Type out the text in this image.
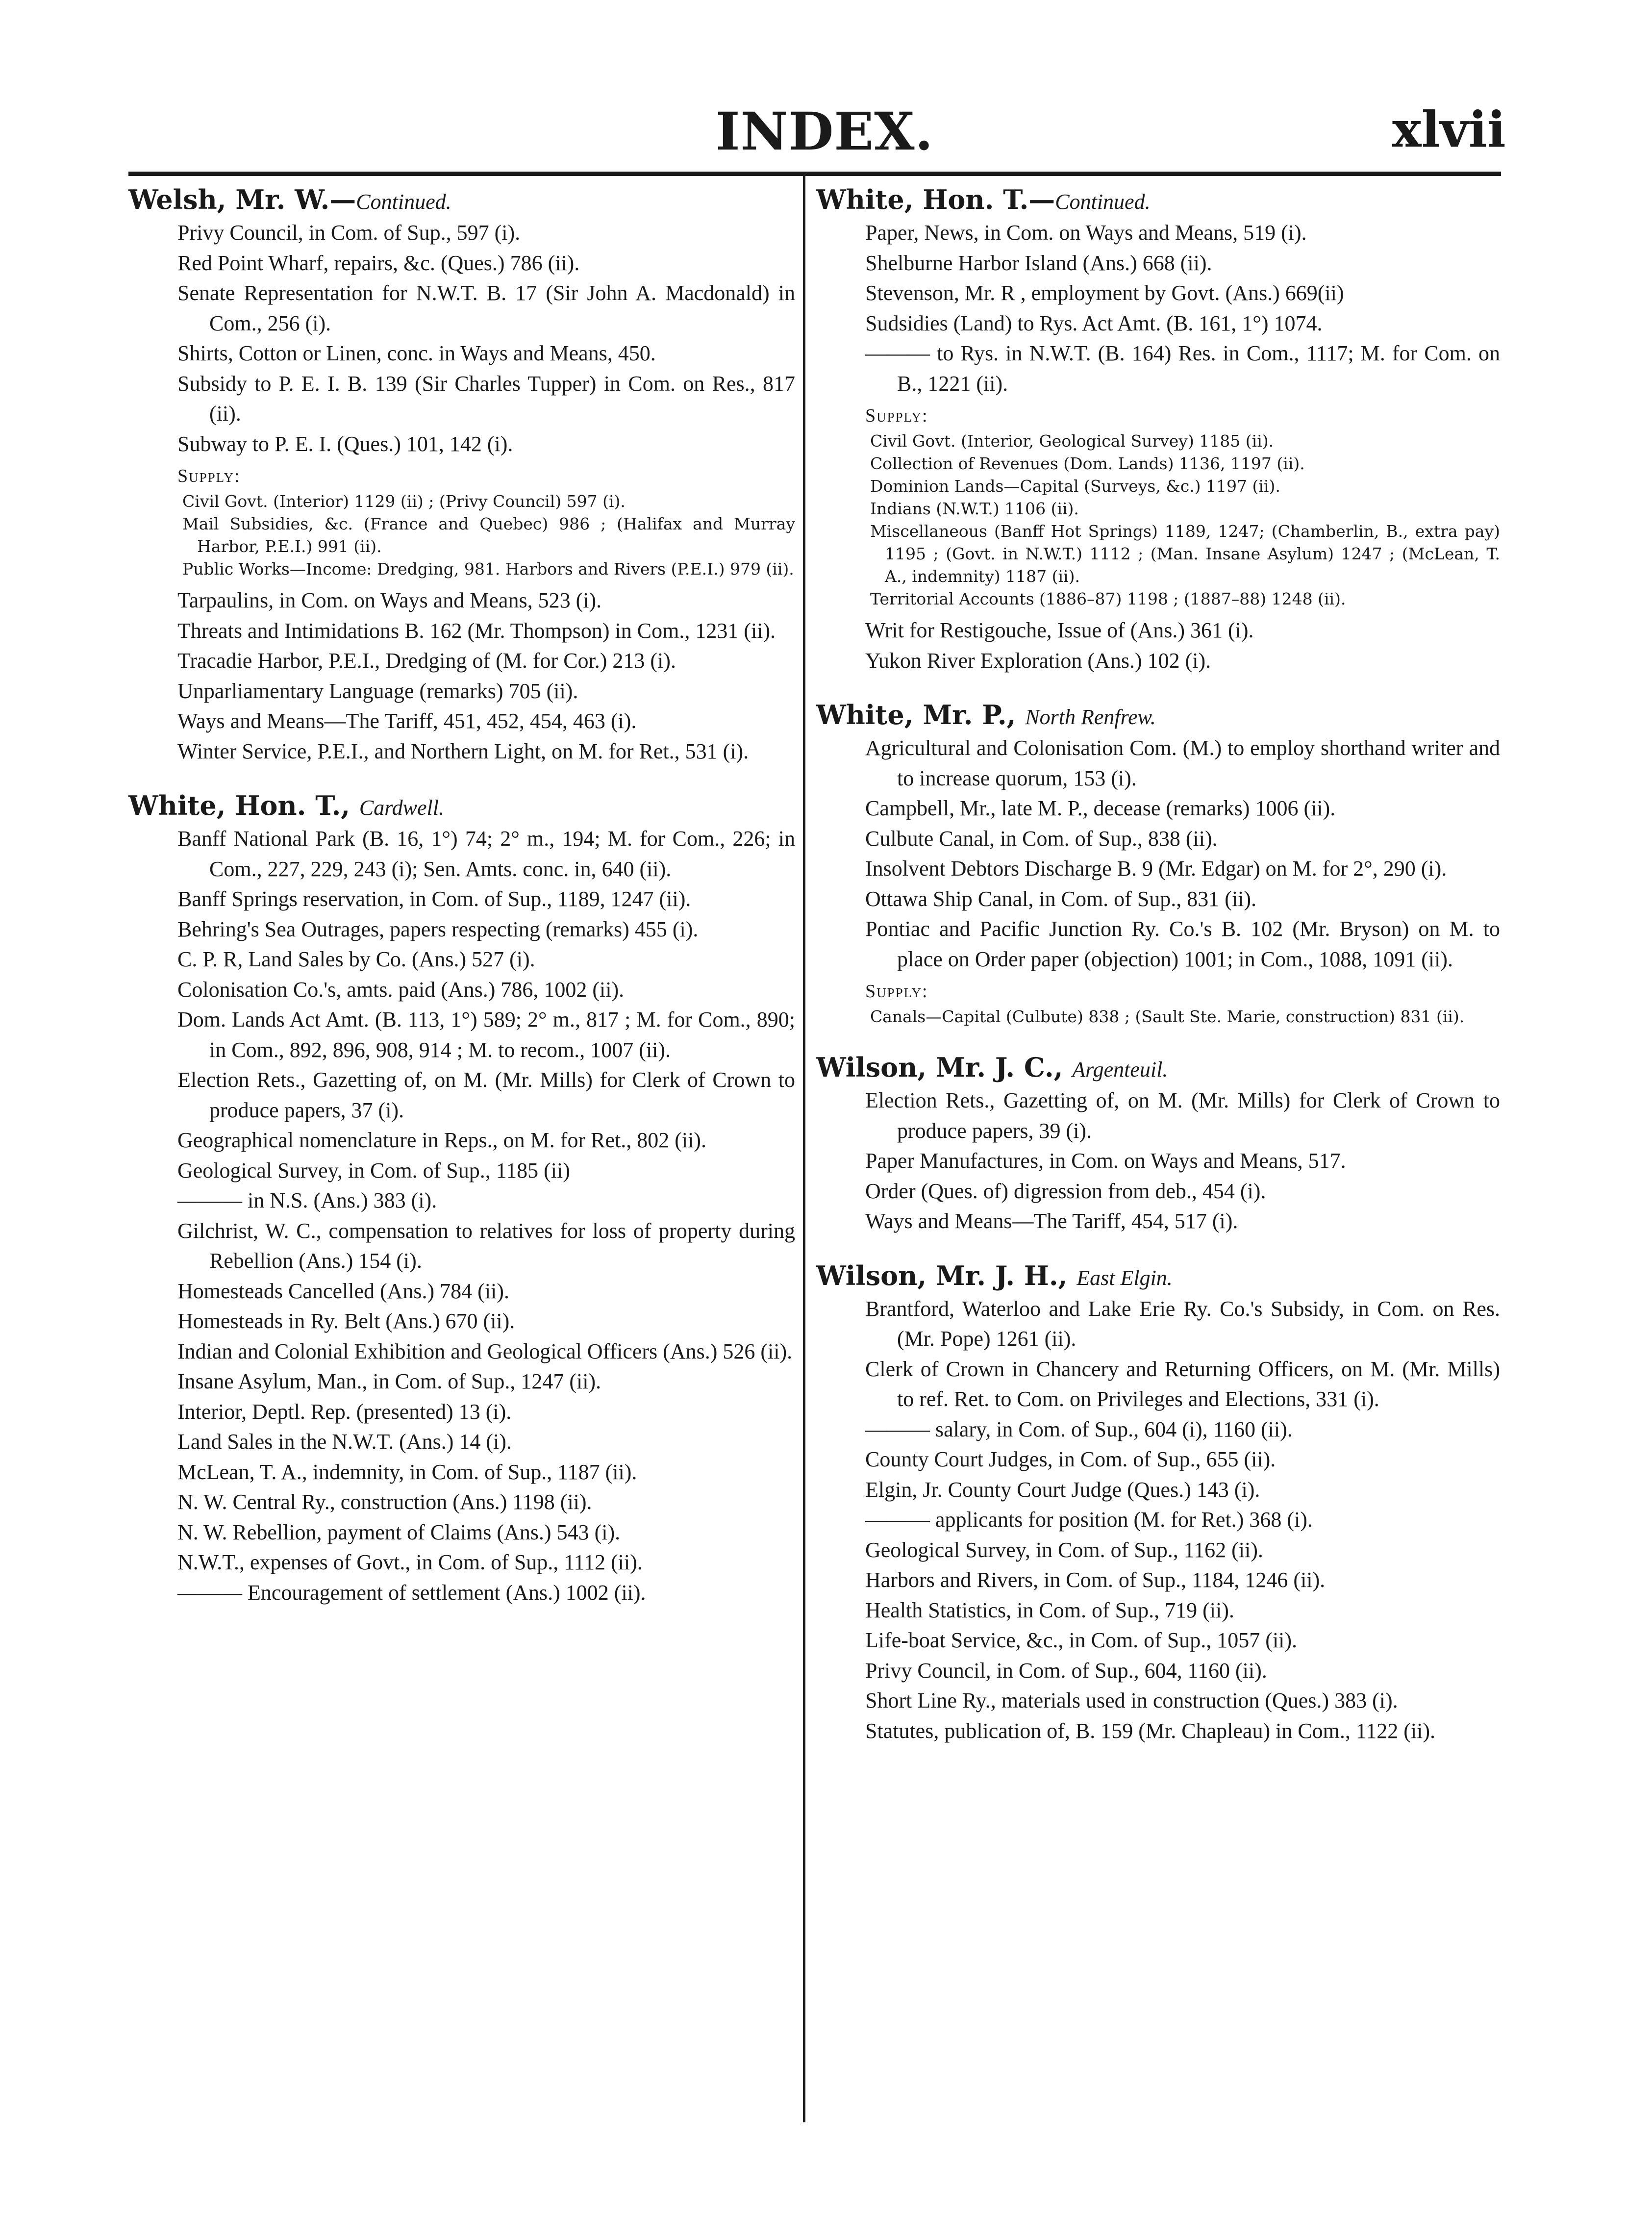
INDEX.	xlvii
Welsh, Mr. W.—Continued.

Privy Council, in Com. of Sup., 597 (i).

Red Point Wharf, repairs, &c. (Ques.) 786 (ii).

Senate Representation for N.W.T. B. 17 (Sir John A. Macdonald) in Com., 256 (i).

Shirts, Cotton or Linen, conc. in Ways and Means, 450.

Subsidy to P. E. I. B. 139 (Sir Charles Tupper) in Com. on Res., 817 (ii).

Subway to P. E. I. (Ques.) 101, 142 (i).

Supply:

Civil Govt. (Interior) 1129 (ii) ; (Privy Council) 597 (i).

Mail Subsidies, &c. (France and Quebec) 986 ; (Halifax and Murray Harbor, P.E.I.) 991 (ii).

Public Works—Income: Dredging, 981. Harbors and Rivers (P.E.I.) 979 (ii).

Tarpaulins, in Com. on Ways and Means, 523 (i).

Threats and Intimidations B. 162 (Mr. Thompson) in Com., 1231 (ii).

Tracadie Harbor, P.E.I., Dredging of (M. for Cor.) 213 (i).

Unparliamentary Language (remarks) 705 (ii).

Ways and Means—The Tariff, 451, 452, 454, 463 (i).

Winter Service, P.E.I., and Northern Light, on M. for Ret., 531 (i).

White, Hon. T., Cardwell.

Banff National Park (B. 16, 1°) 74; 2° m., 194; M. for Com., 226; in Com., 227, 229, 243 (i); Sen. Amts. conc. in, 640 (ii).

Banff Springs reservation, in Com. of Sup., 1189, 1247 (ii).

Behring's Sea Outrages, papers respecting (remarks) 455 (i).

C. P. R, Land Sales by Co. (Ans.) 527 (i).

Colonisation Co.'s, amts. paid (Ans.) 786, 1002 (ii).

Dom. Lands Act Amt. (B. 113, 1°) 589; 2° m., 817 ; M. for Com., 890; in Com., 892, 896, 908, 914 ; M. to recom., 1007 (ii).

Election Rets., Gazetting of, on M. (Mr. Mills) for Clerk of Crown to produce papers, 37 (i).

Geographical nomenclature in Reps., on M. for Ret., 802 (ii).

Geological Survey, in Com. of Sup., 1185 (ii)

——— in N.S. (Ans.) 383 (i).

Gilchrist, W. C., compensation to relatives for loss of property during Rebellion (Ans.) 154 (i).

Homesteads Cancelled (Ans.) 784 (ii).

Homesteads in Ry. Belt (Ans.) 670 (ii).

Indian and Colonial Exhibition and Geological Officers (Ans.) 526 (ii).

Insane Asylum, Man., in Com. of Sup., 1247 (ii).

Interior, Deptl. Rep. (presented) 13 (i).

Land Sales in the N.W.T. (Ans.) 14 (i).

McLean, T. A., indemnity, in Com. of Sup., 1187 (ii).

N. W. Central Ry., construction (Ans.) 1198 (ii).

N. W. Rebellion, payment of Claims (Ans.) 543 (i).

N.W.T., expenses of Govt., in Com. of Sup., 1112 (ii).

——— Encouragement of settlement (Ans.) 1002 (ii).

White, Hon. T.—Continued.

Paper, News, in Com. on Ways and Means, 519 (i).

Shelburne Harbor Island (Ans.) 668 (ii).

Stevenson, Mr. R , employment by Govt. (Ans.) 669(ii)

Sudsidies (Land) to Rys. Act Amt. (B. 161, 1°) 1074.

——— to Rys. in N.W.T. (B. 164) Res. in Com., 1117; M. for Com. on B., 1221 (ii).

Supply:

Civil Govt. (Interior, Geological Survey) 1185 (ii).

Collection of Revenues (Dom. Lands) 1136, 1197 (ii).

Dominion Lands—Capital (Surveys, &c.) 1197 (ii).

Indians (N.W.T.) 1106 (ii).

Miscellaneous (Banff Hot Springs) 1189, 1247; (Chamberlin, B., extra pay) 1195 ; (Govt. in N.W.T.) 1112 ; (Man. Insane Asylum) 1247 ; (McLean, T. A., indemnity) 1187 (ii).

Territorial Accounts (1886–87) 1198 ; (1887–88) 1248 (ii).

Writ for Restigouche, Issue of (Ans.) 361 (i).

Yukon River Exploration (Ans.) 102 (i).

White, Mr. P., North Renfrew.

Agricultural and Colonisation Com. (M.) to employ shorthand writer and to increase quorum, 153 (i).

Campbell, Mr., late M. P., decease (remarks) 1006 (ii).

Culbute Canal, in Com. of Sup., 838 (ii).

Insolvent Debtors Discharge B. 9 (Mr. Edgar) on M. for 2°, 290 (i).

Ottawa Ship Canal, in Com. of Sup., 831 (ii).

Pontiac and Pacific Junction Ry. Co.'s B. 102 (Mr. Bryson) on M. to place on Order paper (objection) 1001; in Com., 1088, 1091 (ii).

Supply:

Canals—Capital (Culbute) 838 ; (Sault Ste. Marie, construction) 831 (ii).

Wilson, Mr. J. C., Argenteuil.

Election Rets., Gazetting of, on M. (Mr. Mills) for Clerk of Crown to produce papers, 39 (i).

Paper Manufactures, in Com. on Ways and Means, 517.

Order (Ques. of) digression from deb., 454 (i).

Ways and Means—The Tariff, 454, 517 (i).

Wilson, Mr. J. H., East Elgin.

Brantford, Waterloo and Lake Erie Ry. Co.'s Subsidy, in Com. on Res. (Mr. Pope) 1261 (ii).

Clerk of Crown in Chancery and Returning Officers, on M. (Mr. Mills) to ref. Ret. to Com. on Privileges and Elections, 331 (i).

——— salary, in Com. of Sup., 604 (i), 1160 (ii).

County Court Judges, in Com. of Sup., 655 (ii).

Elgin, Jr. County Court Judge (Ques.) 143 (i).

——— applicants for position (M. for Ret.) 368 (i).

Geological Survey, in Com. of Sup., 1162 (ii).

Harbors and Rivers, in Com. of Sup., 1184, 1246 (ii).

Health Statistics, in Com. of Sup., 719 (ii).

Life-boat Service, &c., in Com. of Sup., 1057 (ii).

Privy Council, in Com. of Sup., 604, 1160 (ii).

Short Line Ry., materials used in construction (Ques.) 383 (i).

Statutes, publication of, B. 159 (Mr. Chapleau) in Com., 1122 (ii).
